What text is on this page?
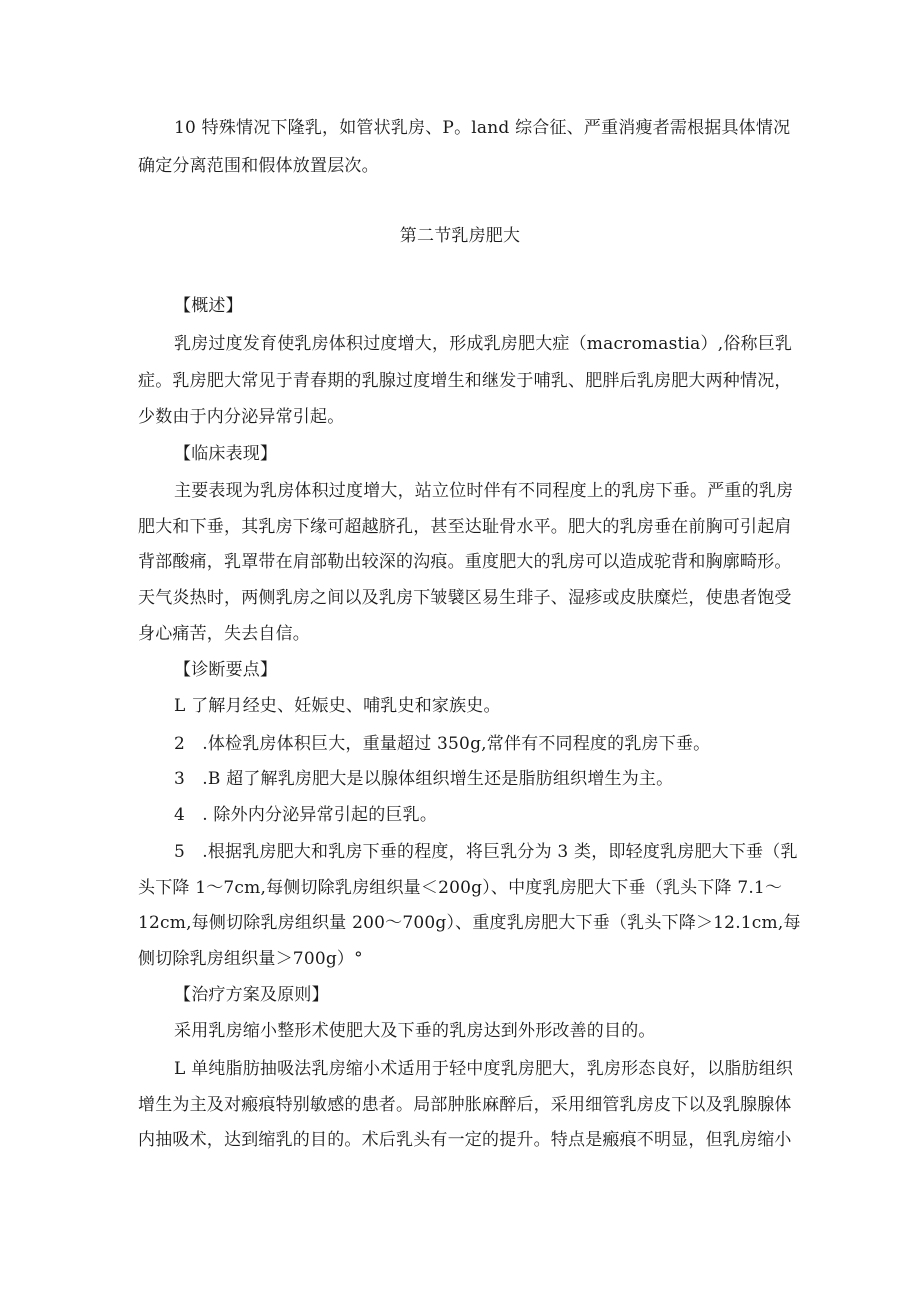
10 特殊情况下隆乳，如管状乳房、P。land 综合征、严重消瘦者需根据具体情况
确定分离范围和假体放置层次。
第二节乳房肥大
【概述】
乳房过度发育使乳房体积过度增大，形成乳房肥大症（macromastia）,俗称巨乳
症。乳房肥大常见于青春期的乳腺过度增生和继发于哺乳、肥胖后乳房肥大两种情况，
少数由于内分泌异常引起。
【临床表现】
主要表现为乳房体积过度增大，站立位时伴有不同程度上的乳房下垂。严重的乳房
肥大和下垂，其乳房下缘可超越脐孔，甚至达耻骨水平。肥大的乳房垂在前胸可引起肩
背部酸痛，乳罩带在肩部勒出较深的沟痕。重度肥大的乳房可以造成驼背和胸廓畸形。
天气炎热时，两侧乳房之间以及乳房下皱襞区易生琲子、湿疹或皮肤糜烂，使患者饱受
身心痛苦，失去自信。
【诊断要点】
L 了解月经史、妊娠史、哺乳史和家族史。
2　.体检乳房体积巨大，重量超过 350g,常伴有不同程度的乳房下垂。
3　.B 超了解乳房肥大是以腺体组织增生还是脂肪组织增生为主。
4　. 除外内分泌异常引起的巨乳。
5　.根据乳房肥大和乳房下垂的程度，将巨乳分为 3 类，即轻度乳房肥大下垂（乳
头下降 1～7cm,每侧切除乳房组织量＜200g）、中度乳房肥大下垂（乳头下降 7.1～
12cm,每侧切除乳房组织量 200～700g）、重度乳房肥大下垂（乳头下降＞12.1cm,每
侧切除乳房组织量＞700g）°
【治疗方案及原则】
采用乳房缩小整形术使肥大及下垂的乳房达到外形改善的目的。
L 单纯脂肪抽吸法乳房缩小术适用于轻中度乳房肥大，乳房形态良好，以脂肪组织
增生为主及对瘢痕特别敏感的患者。局部肿胀麻醉后，采用细管乳房皮下以及乳腺腺体
内抽吸术，达到缩乳的目的。术后乳头有一定的提升。特点是瘢痕不明显，但乳房缩小
